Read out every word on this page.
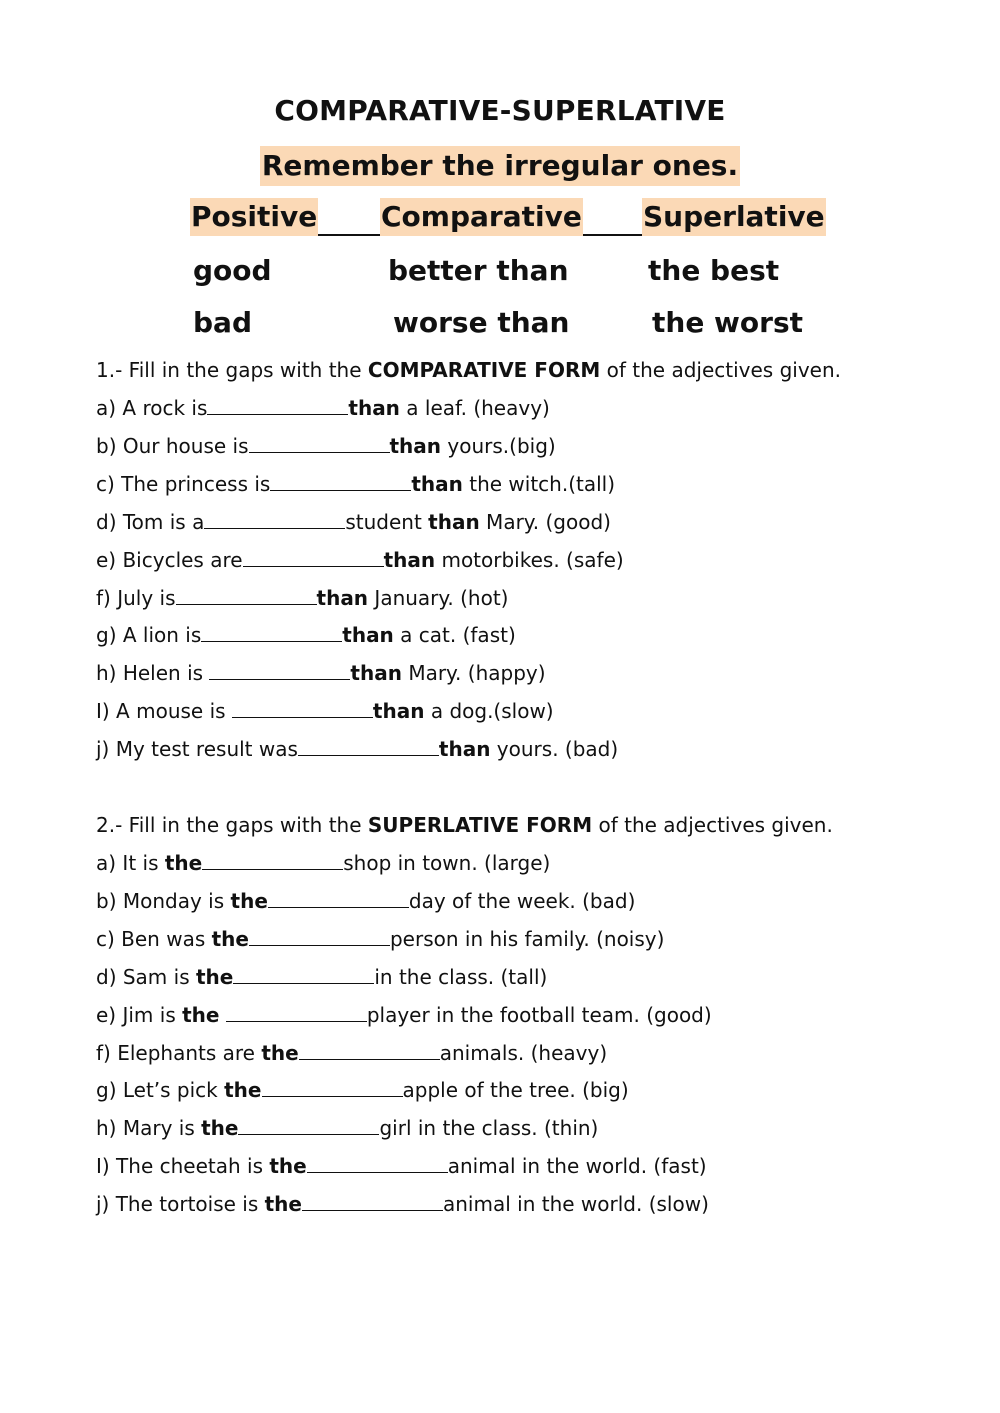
COMPARATIVE-SUPERLATIVE
Remember the irregular ones.
Positive Comparative Superlative
good	better than	the best
bad	worse than	the worst
1.- Fill in the gaps with the COMPARATIVE FORM of the adjectives given.
a) A rock is	than a leaf. (heavy)
b) Our house is	than yours.(big)
c) The princess is	than the witch.(tall)
d) Tom is a	student than Mary. (good)
e) Bicycles are	than motorbikes. (safe)
f) July is	than January. (hot)
g) A lion is	than a cat. (fast)
h) Helen is	than Mary. (happy)
I) A mouse is	than a dog.(slow)
j) My test result was	than yours. (bad)
2.- Fill in the gaps with the SUPERLATIVE FORM of the adjectives given.
a) It is the	shop in town. (large)
b) Monday is the	day of the week. (bad)
c) Ben was the	person in his family. (noisy)
d) Sam is the	in the class. (tall)
e) Jim is the	player in the football team. (good)
f) Elephants are the	animals. (heavy)
g) Let’s pick the	apple of the tree. (big)
h) Mary is the	girl in the class. (thin)
I) The cheetah is the	animal in the world. (fast)
j) The tortoise is the	animal in the world. (slow)
